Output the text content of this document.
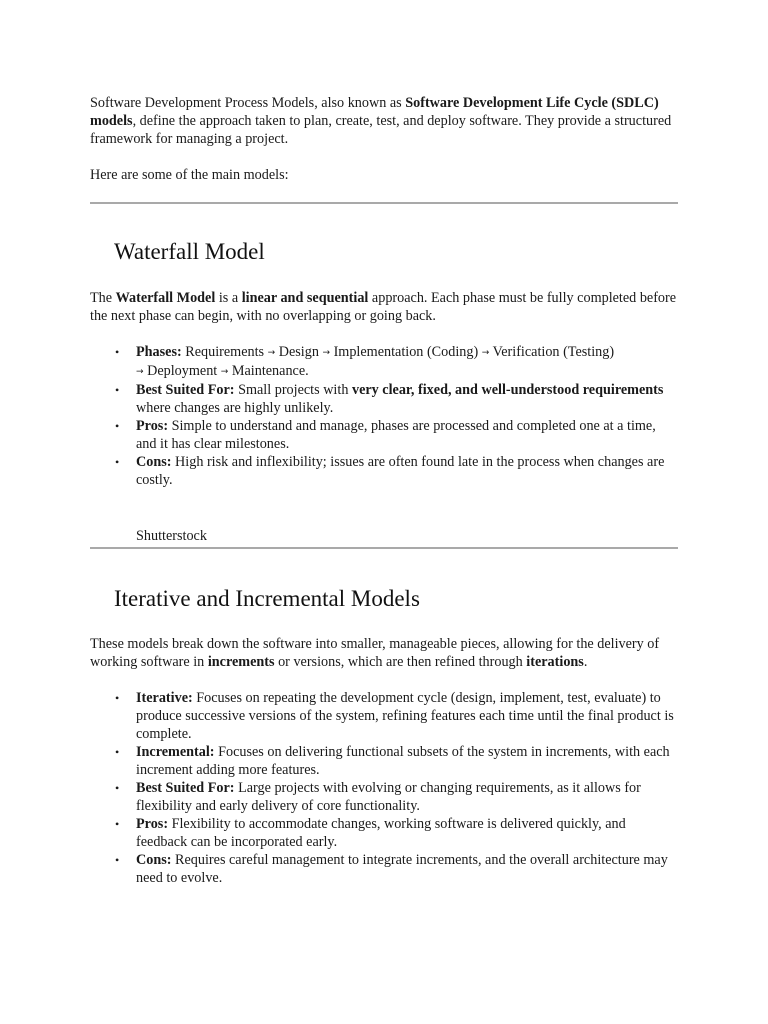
Software Development Process Models, also known as Software Development Life Cycle (SDLC) models, define the approach taken to plan, create, test, and deploy software. They provide a structured framework for managing a project.

Here are some of the main models:

Waterfall Model

The Waterfall Model is a linear and sequential approach. Each phase must be fully completed before the next phase can begin, with no overlapping or going back.

• Phases: Requirements → Design → Implementation (Coding) → Verification (Testing)
→ Deployment → Maintenance.
• Best Suited For: Small projects with very clear, fixed, and well-understood requirements where changes are highly unlikely.
• Pros: Simple to understand and manage, phases are processed and completed one at a time, and it has clear milestones.
• Cons: High risk and inflexibility; issues are often found late in the process when changes are costly.

Shutterstock

Iterative and Incremental Models

These models break down the software into smaller, manageable pieces, allowing for the delivery of working software in increments or versions, which are then refined through iterations.

• Iterative: Focuses on repeating the development cycle (design, implement, test, evaluate) to produce successive versions of the system, refining features each time until the final product is complete.
• Incremental: Focuses on delivering functional subsets of the system in increments, with each increment adding more features.
• Best Suited For: Large projects with evolving or changing requirements, as it allows for flexibility and early delivery of core functionality.
• Pros: Flexibility to accommodate changes, working software is delivered quickly, and feedback can be incorporated early.
• Cons: Requires careful management to integrate increments, and the overall architecture may need to evolve.
